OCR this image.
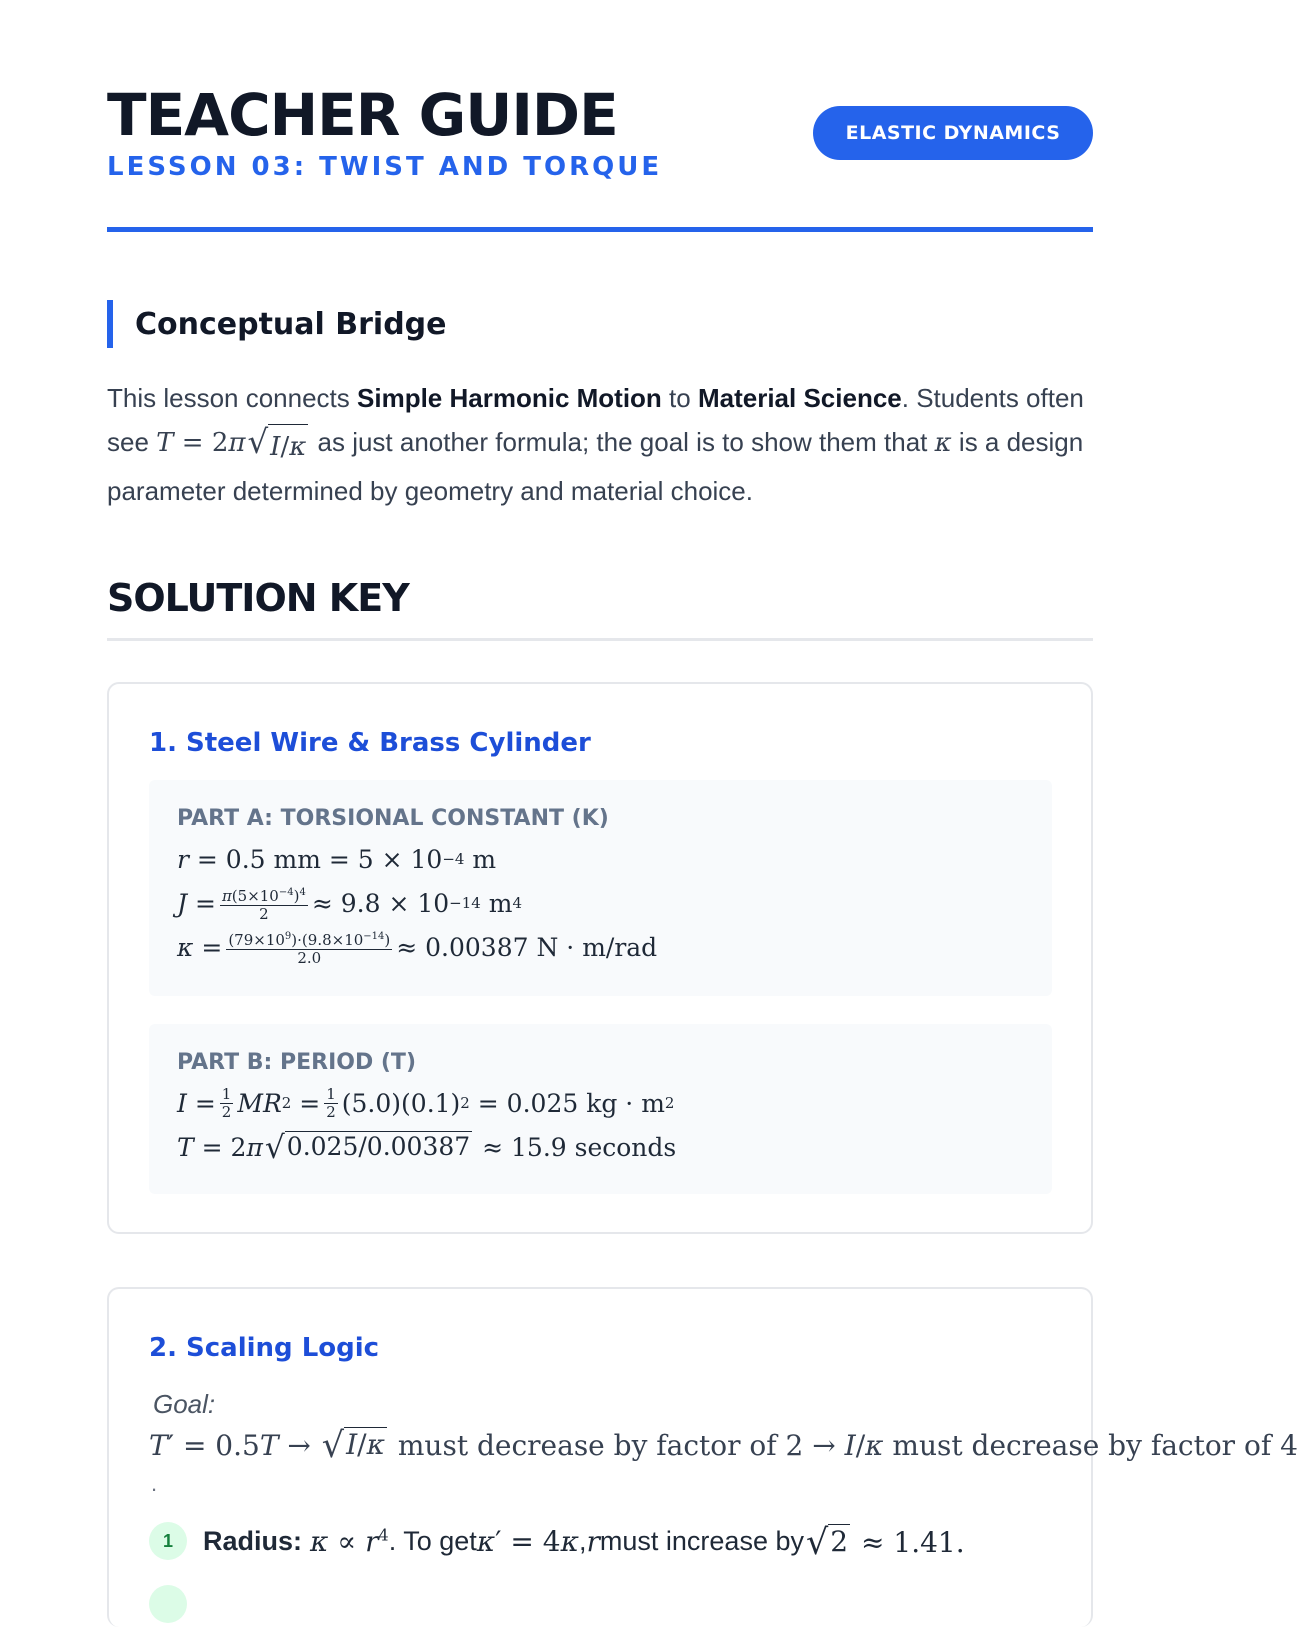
TEACHER GUIDE
LESSON 03: TWIST AND TORQUE
ELASTIC DYNAMICS
Conceptual Bridge
This lesson connects Simple Harmonic Motion to Material Science. Students often see T = 2π √ I/κ as just another formula; the goal is to show them that κ is a design parameter determined by geometry and material choice.
SOLUTION KEY
1. Steel Wire & Brass Cylinder
PART A: TORSIONAL CONSTANT (K)
r = 0.5 mm = 5 × 10 −4 m
$J = \frac{\pi(5\times 10^{-4})^4}{2} \approx 9.8 \times 10 -14$ m 4
$\kappa = \frac{(79\times 10^9)\cdot(9.8\times 10^{-14})}{2.0} \approx 0.00387$ N · m/rad
PART B: PERIOD (T)
$I = \frac{1}{2}$ MR $2 = \frac{1}{2} (5.0)(0.1) 2 = 0.025$ kg · m 2
T = 2 π √ 0.025/0.00387 ≈ 15.9 seconds
2. Scaling Logic
Goal:
T′ = 0.5T → √ I/κ must decrease by factor of 2 → I/κ must decrease by factor of 4
.
1	Radius: $\kappa \propto r^4$ . To get κ′ = 4κ , r must increase by √ 2 ≈ 1.41.
